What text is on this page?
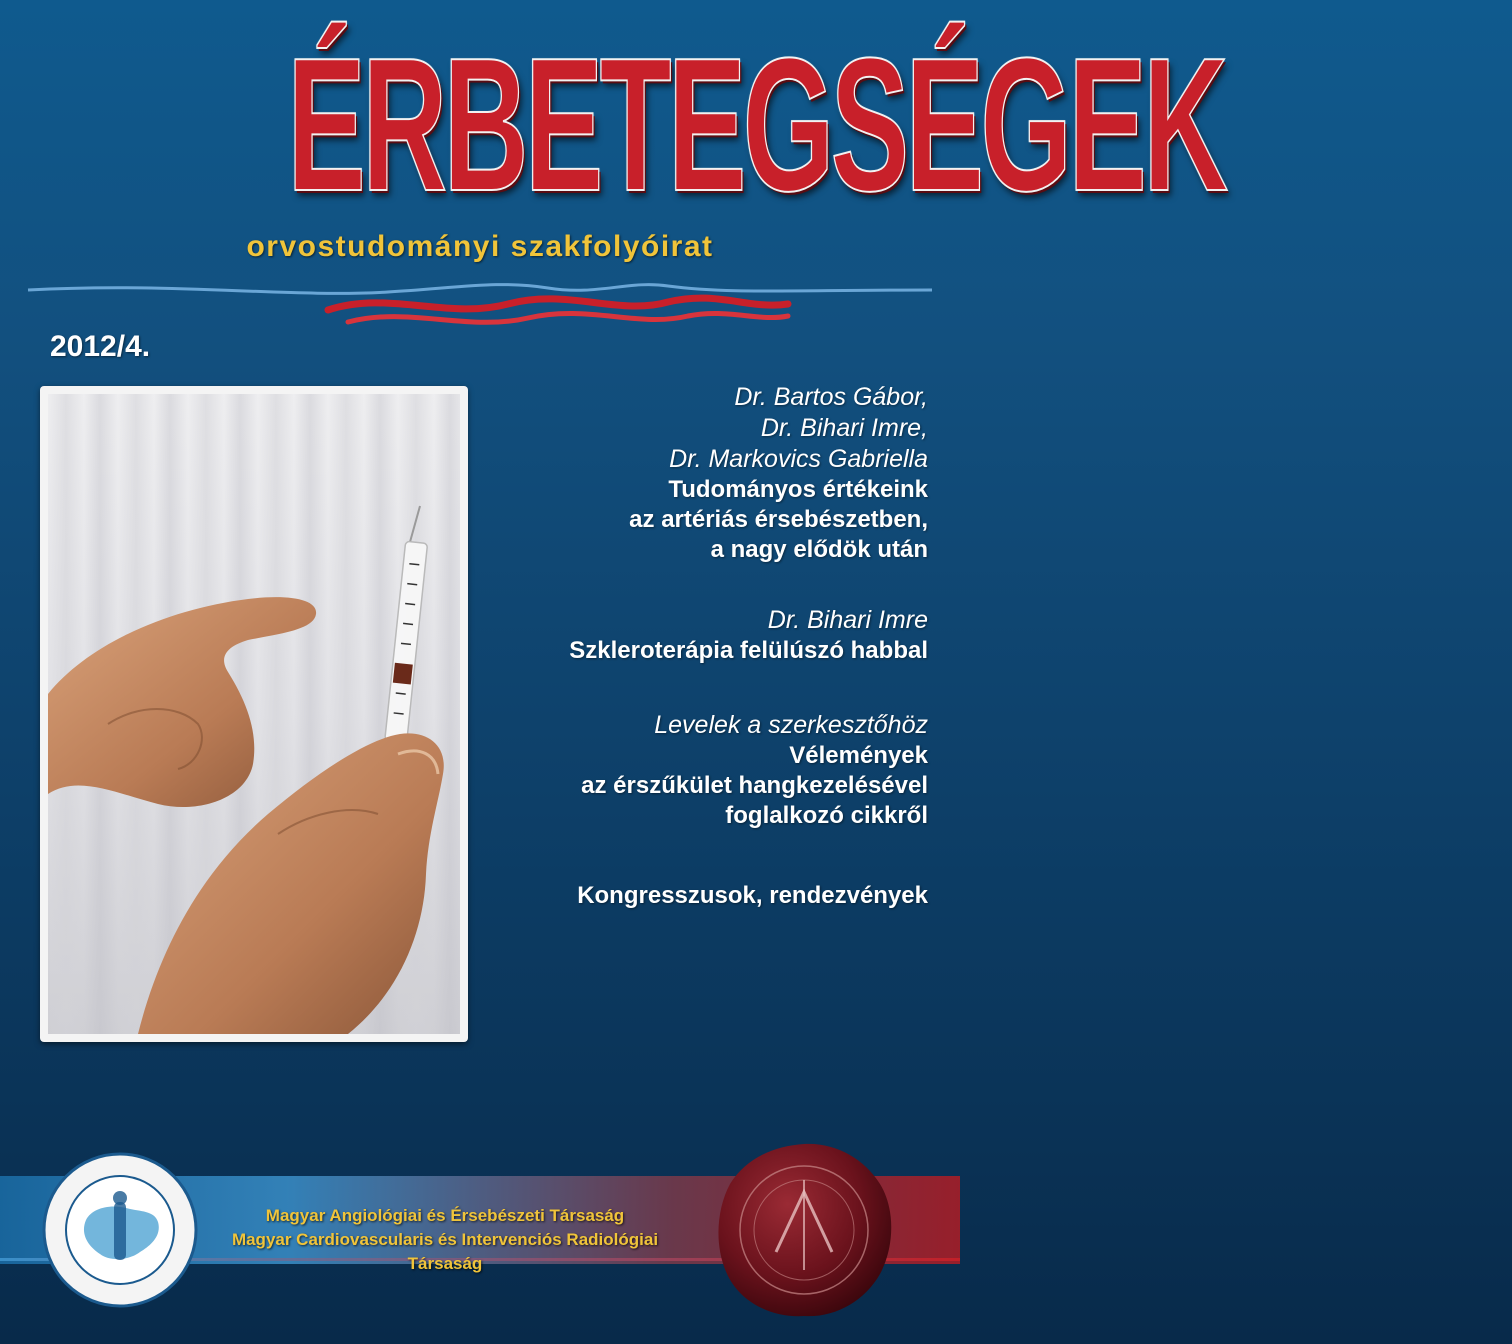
ÉRBETEGSÉGEK
orvostudományi szakfolyóirat
2012/4.
Dr. Bartos Gábor,
Dr. Bihari Imre,
Dr. Markovics Gabriella
Tudományos értékeink
az artériás érsebészetben,
a nagy elődök után
Dr. Bihari Imre
Szkleroterápia felülúszó habbal
Levelek a szerkesztőhöz
Vélemények
az érszűkület hangkezelésével
foglalkozó cikkről
Kongresszusok, rendezvények
Magyar Angiológiai és Érsebészeti Társaság
Magyar Cardiovascularis és Intervenciós Radiológiai Társaság
